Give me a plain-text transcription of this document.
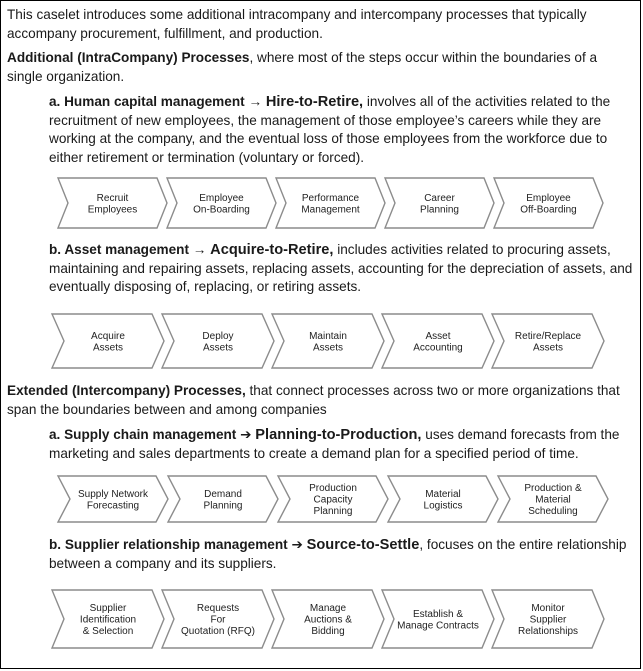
This caselet introduces some additional intracompany and intercompany processes that typically accompany procurement, fulfillment, and production.

Additional (IntraCompany) Processes, where most of the steps occur within the boundaries of a single organization.

a. Human capital management → Hire-to-Retire, involves all of the activities related to the recruitment of new employees, the management of those employee’s careers while they are working at the company, and the eventual loss of those employees from the workforce due to either retirement or termination (voluntary or forced).

Recruit
Employees
Employee
On-Boarding
Performance
Management
Career
Planning
Employee
Off-Boarding

b. Asset management → Acquire-to-Retire, includes activities related to procuring assets, maintaining and repairing assets, replacing assets, accounting for the depreciation of assets, and eventually disposing of, replacing, or retiring assets.

Acquire
Assets
Deploy
Assets
Maintain
Assets
Asset
Accounting
Retire/Replace
Assets

Extended (Intercompany) Processes, that connect processes across two or more organizations that span the boundaries between and among companies

a. Supply chain management ➔ Planning-to-Production, uses demand forecasts from the marketing and sales departments to create a demand plan for a specified period of time.

Supply Network
Forecasting
Demand
Planning
Production
Capacity
Planning
Material
Logistics
Production &
Material
Scheduling

b. Supplier relationship management ➔ Source-to-Settle, focuses on the entire relationship between a company and its suppliers.

Supplier
Identification
& Selection
Requests
For
Quotation (RFQ)
Manage
Auctions &
Bidding
Establish &
Manage Contracts
Monitor
Supplier
Relationships
